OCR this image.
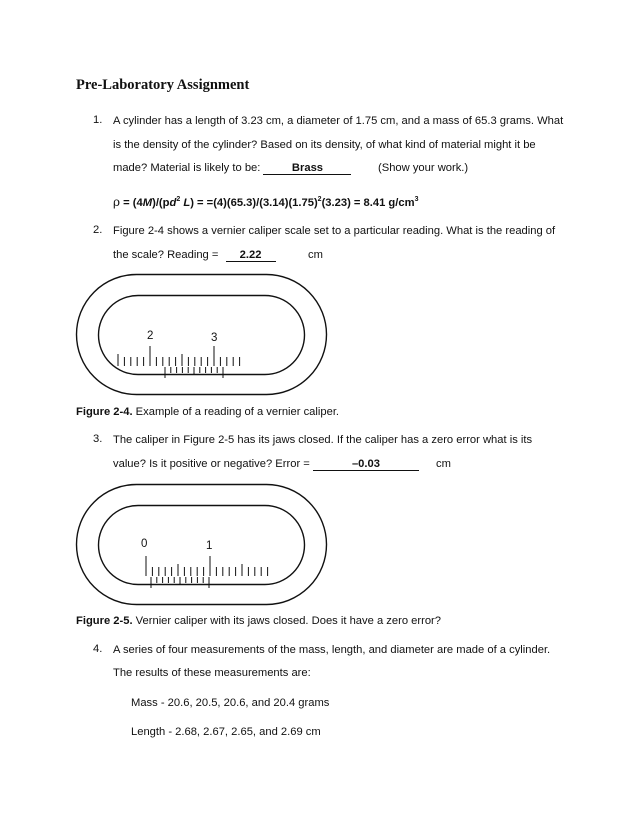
Pre-Laboratory Assignment
1. A cylinder has a length of 3.23 cm, a diameter of 1.75 cm, and a mass of 65.3 grams. What
is the density of the cylinder? Based on its density, of what kind of material might it be
made? Material is likely to be:	Brass	(Show your work.)
$\rho = (4M)/(pd^2$ $L) = =(4)(65.3)/(3.14)(1.75)^2(3.23) = 8.41$ $g/cm^3$
2. Figure 2-4 shows a vernier caliper scale set to a particular reading. What is the reading of
the scale? Reading = 2.22	cm
2	3
Figure 2-4. Example of a reading of a vernier caliper.
3. The caliper in Figure 2-5 has its jaws closed. If the caliper has a zero error what is its
value? Is it positive or negative? Error =	–0.03	cm
0	1
Figure 2-5. Vernier caliper with its jaws closed. Does it have a zero error?
4. A series of four measurements of the mass, length, and diameter are made of a cylinder.
The results of these measurements are:
Mass - 20.6, 20.5, 20.6, and 20.4 grams
Length - 2.68, 2.67, 2.65, and 2.69 cm
